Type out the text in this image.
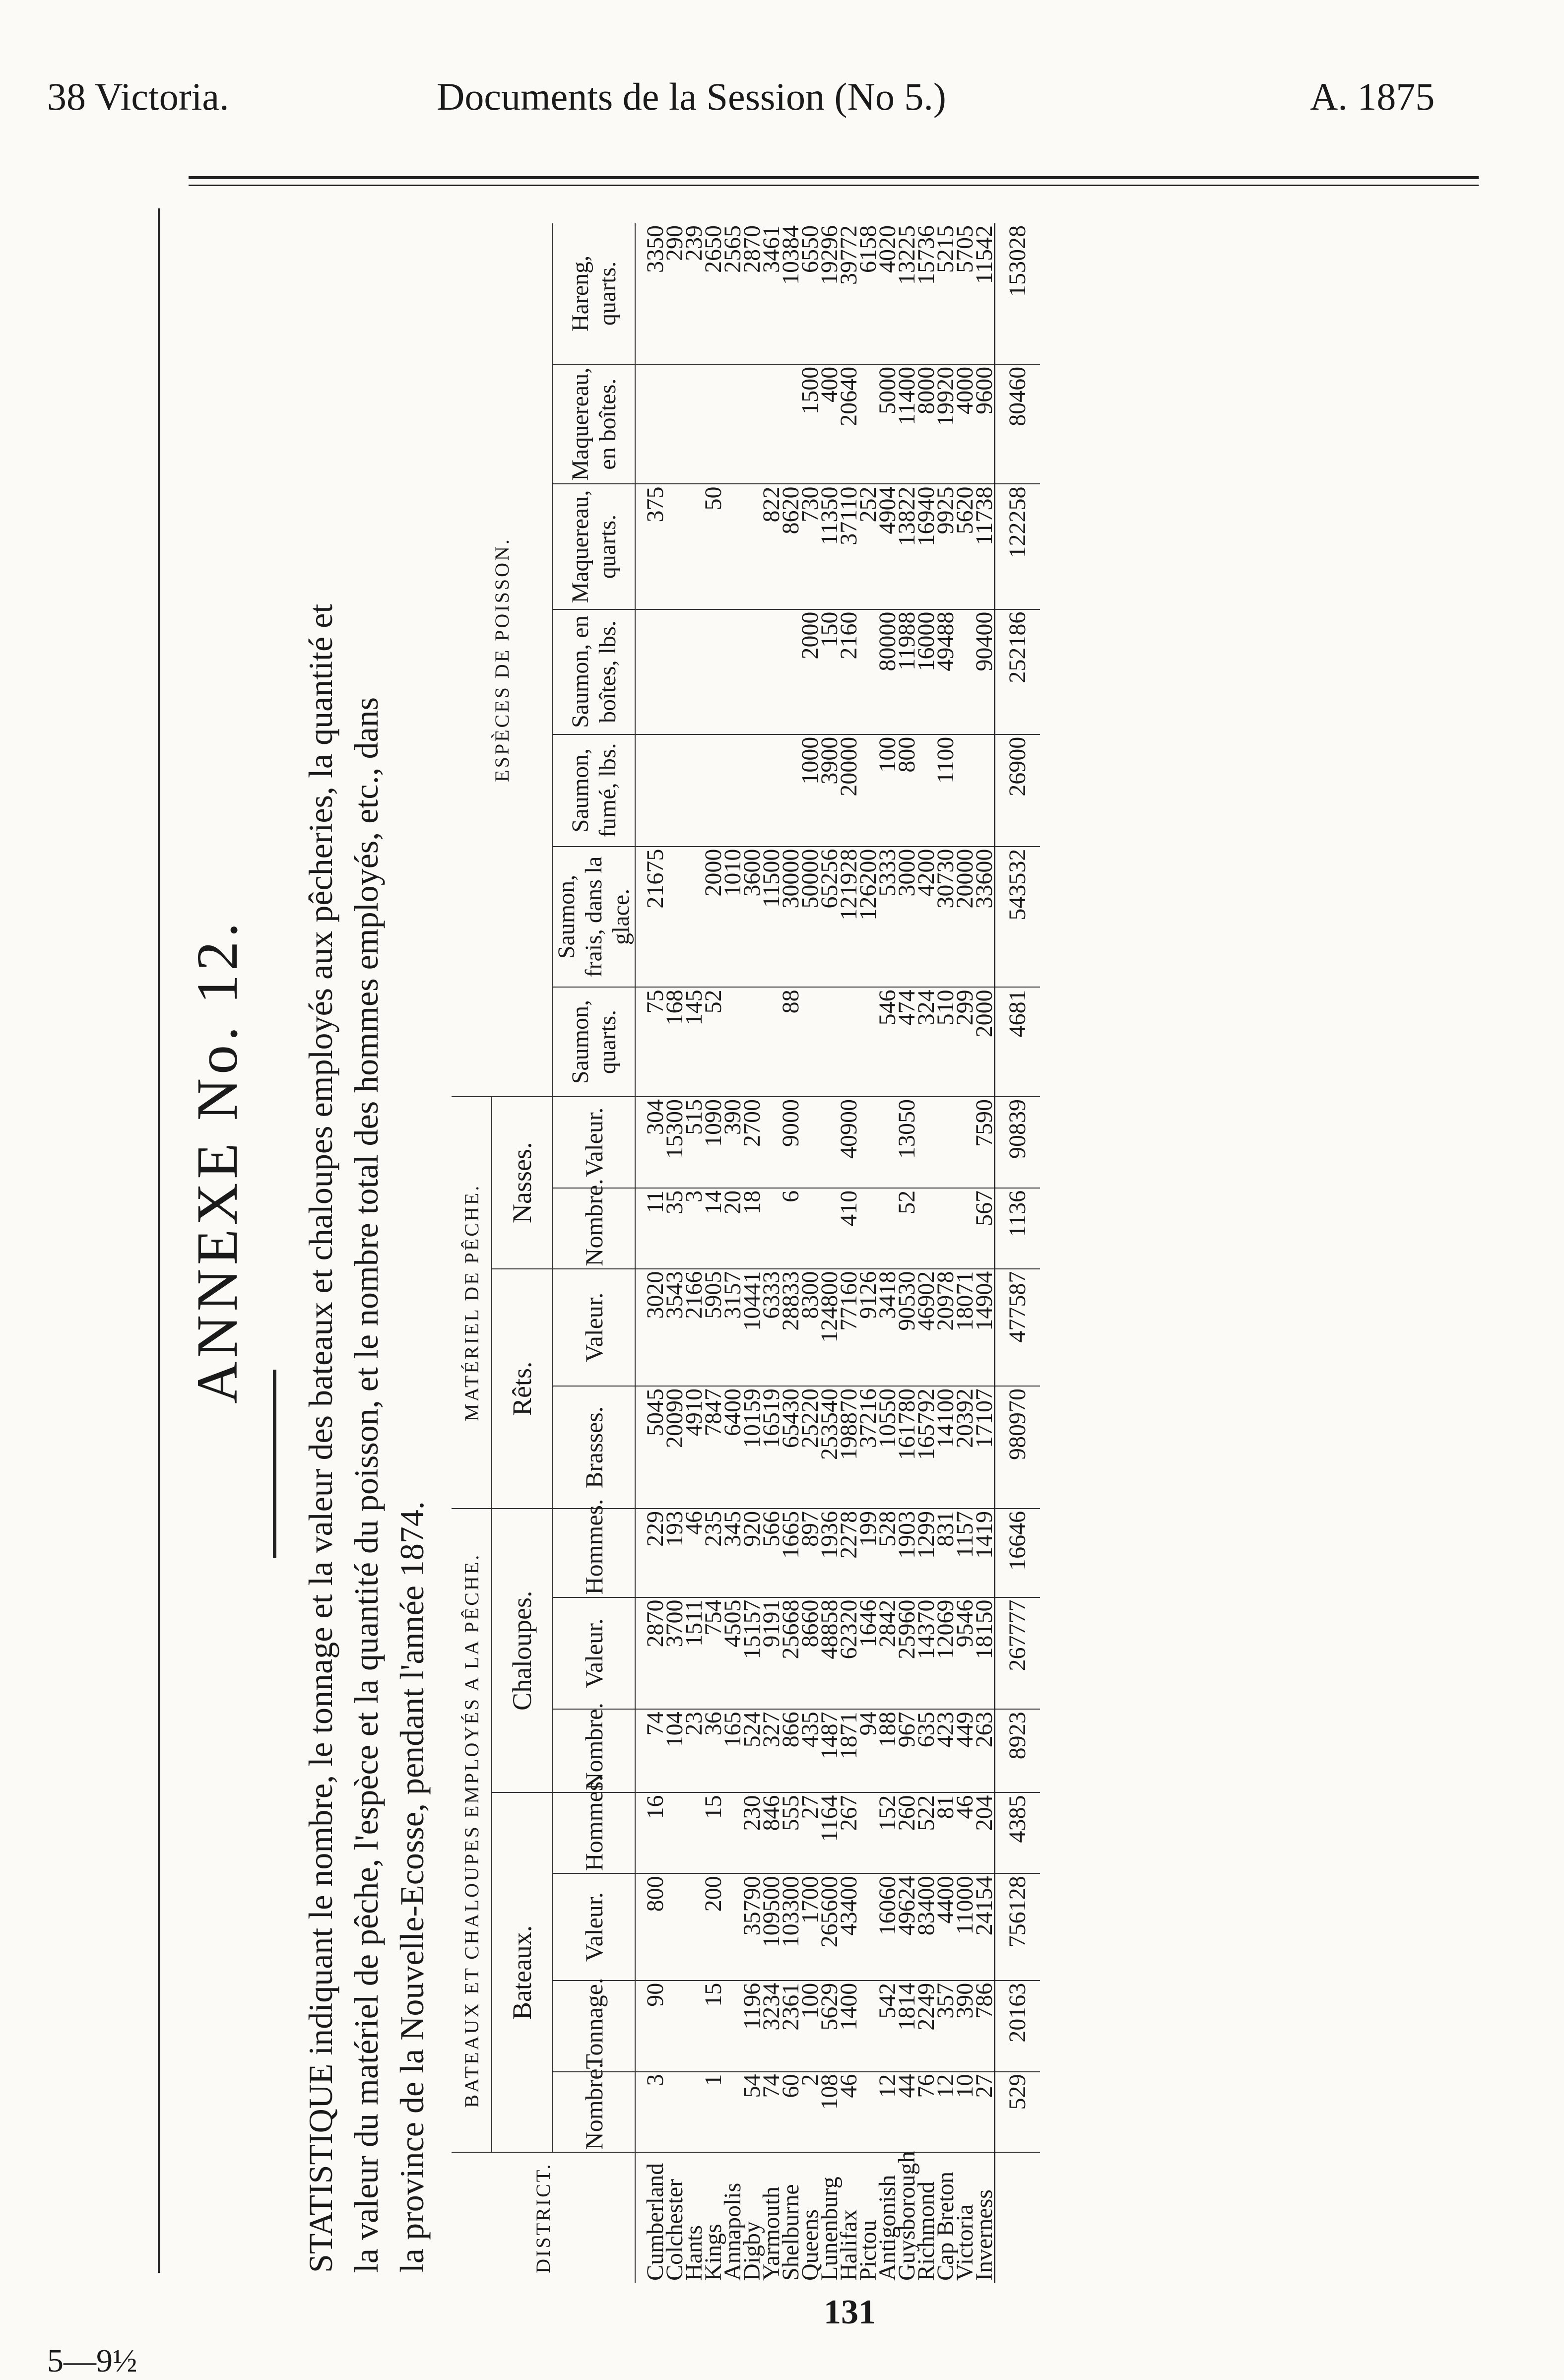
38 Victoria.	Documents de la Session (No 5.)	A. 1875
ANNEXE No. 12. STATISTIQUE indiquant le nombre, le tonnage et la valeur des bateaux et chaloupes employés aux pêcheries, la quantité et la valeur du matériel de pêche, l'espèce et la quantité du poisson, et le nombre total des hommes employés, etc., dans la province de la Nouvelle-Ecosse, pendant l'année 1874.	DISTRICT.	BATEAUX ET CHALOUPES EMPLOYÉS A LA PÊCHE.							MATÉRIEL DE PÊCHE.				ESPÈCES DE POISSON.						
	Bateaux.				Chaloupes.			Rêts.		Nasses.								
	Nombre.	Tonnage.	Valeur.	Hommes.	Nombre.	Valeur.	Hommes.	Brasses.	Valeur.	Nombre.	Valeur.	Saumon, quarts.	Saumon, frais, dans la glace.	Saumon, fumé, lbs.	Saumon, en boîtes, lbs.	Maquereau, quarts.	Maquereau, en boîtes.	Hareng, quarts.
Cumberland	3	90	800	16	74	2870	229	5045	3020	11	304	75	21675			375		3350
Colchester					104	3700	193	20090	3543	35	15300	168						290
Hants					23	1511	46	4910	2166	3	515	145						239
Kings	1	15	200	15	36	754	235	7847	5905	14	1090	52	2000			50		2650
Annapolis					165	4505	345	6400	3157	20	390		1010					2565
Digby	54	1196	35790	230	524	15157	920	10159	10441	18	2700		3600					2870
Yarmouth	74	3234	109500	846	327	9191	566	16519	6333				11500			822		3461
Shelburne	60	2361	103300	555	866	25668	1665	65430	28833	6	9000	88	30000			8620		10384
Queens	2	100	1700	27	435	8660	897	25220	8300				50000	1000	2000	730	1500	6550
Lunenburg	108	5629	265600	1164	1487	48858	1936	253540	124800				65256	3900	150	11350	400	19296
Halifax	46	1400	43400	267	1871	62320	2278	198870	77160	410	40900		121928	20000	2160	37110	20640	39772
Pictou					94	1646	199	37216	9126				126200			252		6158
Antigonish	12	542	16060	152	188	2842	528	10550	3418			546	5333	100	80000	4904	5000	4020
Guysborough	44	1814	49624	260	967	25960	1903	161780	90530	52	13050	474	3000	800	11988	13822	11400	13225
Richmond	76	2249	83400	522	635	14370	1299	165792	46902			324	4200		16000	16940	8000	15736
Cap Breton	12	357	4400	81	423	12069	831	14100	20978			510	30730	1100	49488	9925	19920	5215
Victoria	10	390	11000	46	449	9546	1157	20392	18071			299	20000			5620	4000	5705
Inverness	27	786	24154	204	263	18150	1419	17107	14904	567	7590	2000	33600		90400	11738	9600	11542
	529	20163	756128	4385	8923	267777	16646	980970	477587	1136	90839	4681	543532	26900	252186	122258	80460	153028
5—9½
131
